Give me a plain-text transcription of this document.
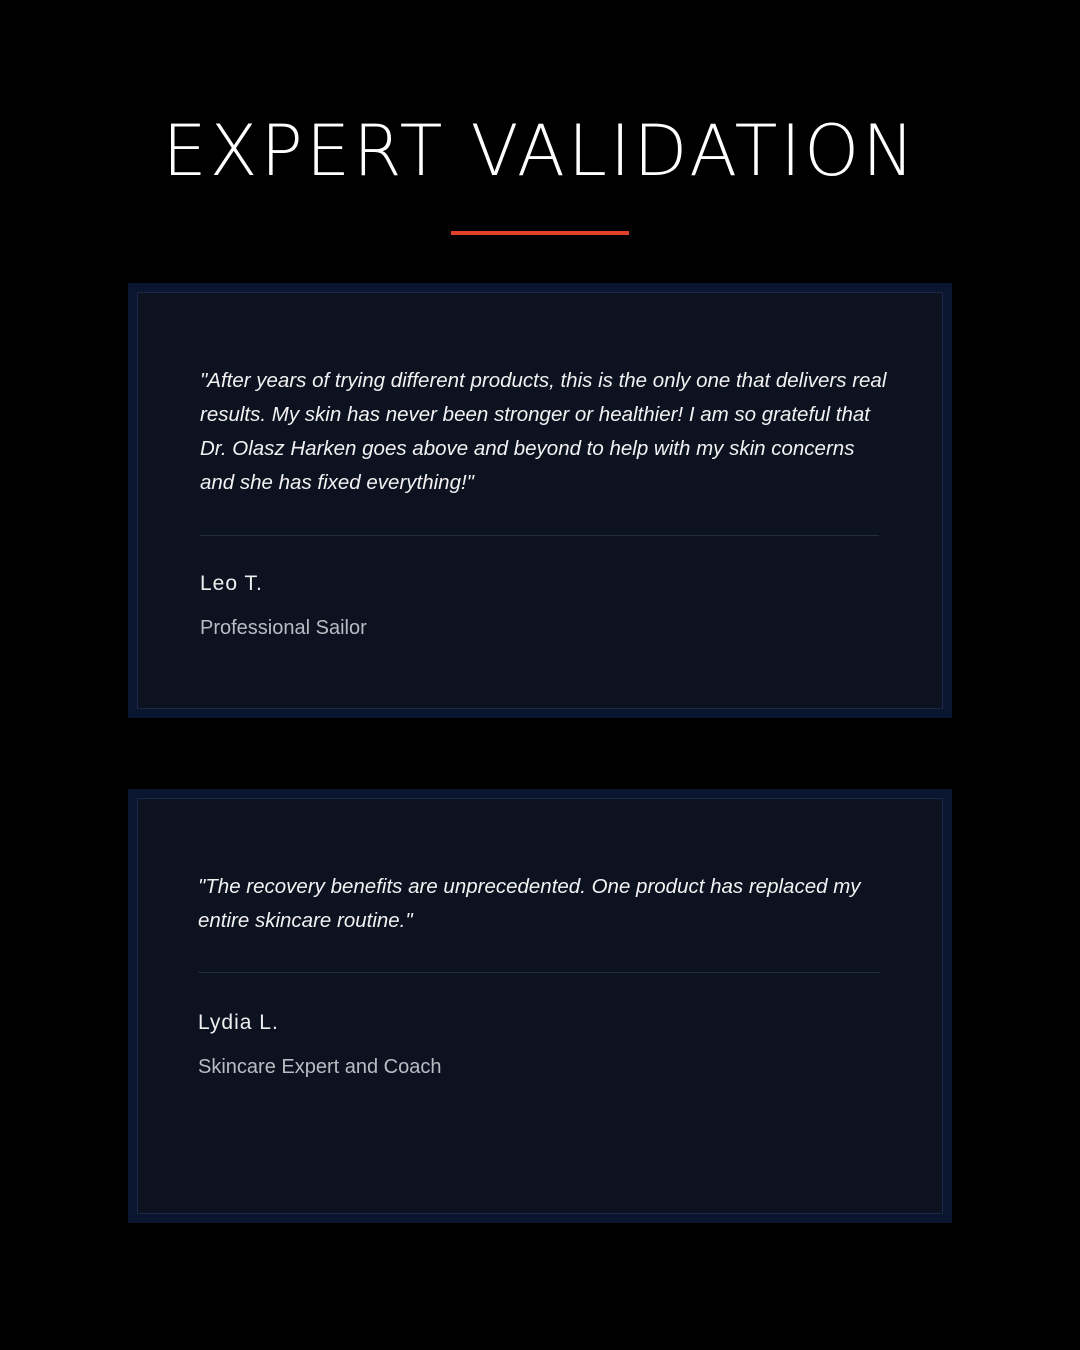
EXPERT VALIDATION

"After years of trying different products, this is the only one that delivers real results. My skin has never been stronger or healthier! I am so grateful that Dr. Olasz Harken goes above and beyond to help with my skin concerns and she has fixed everything!"

Leo T.

Professional Sailor

"The recovery benefits are unprecedented. One product has replaced my entire skincare routine."

Lydia L.

Skincare Expert and Coach
